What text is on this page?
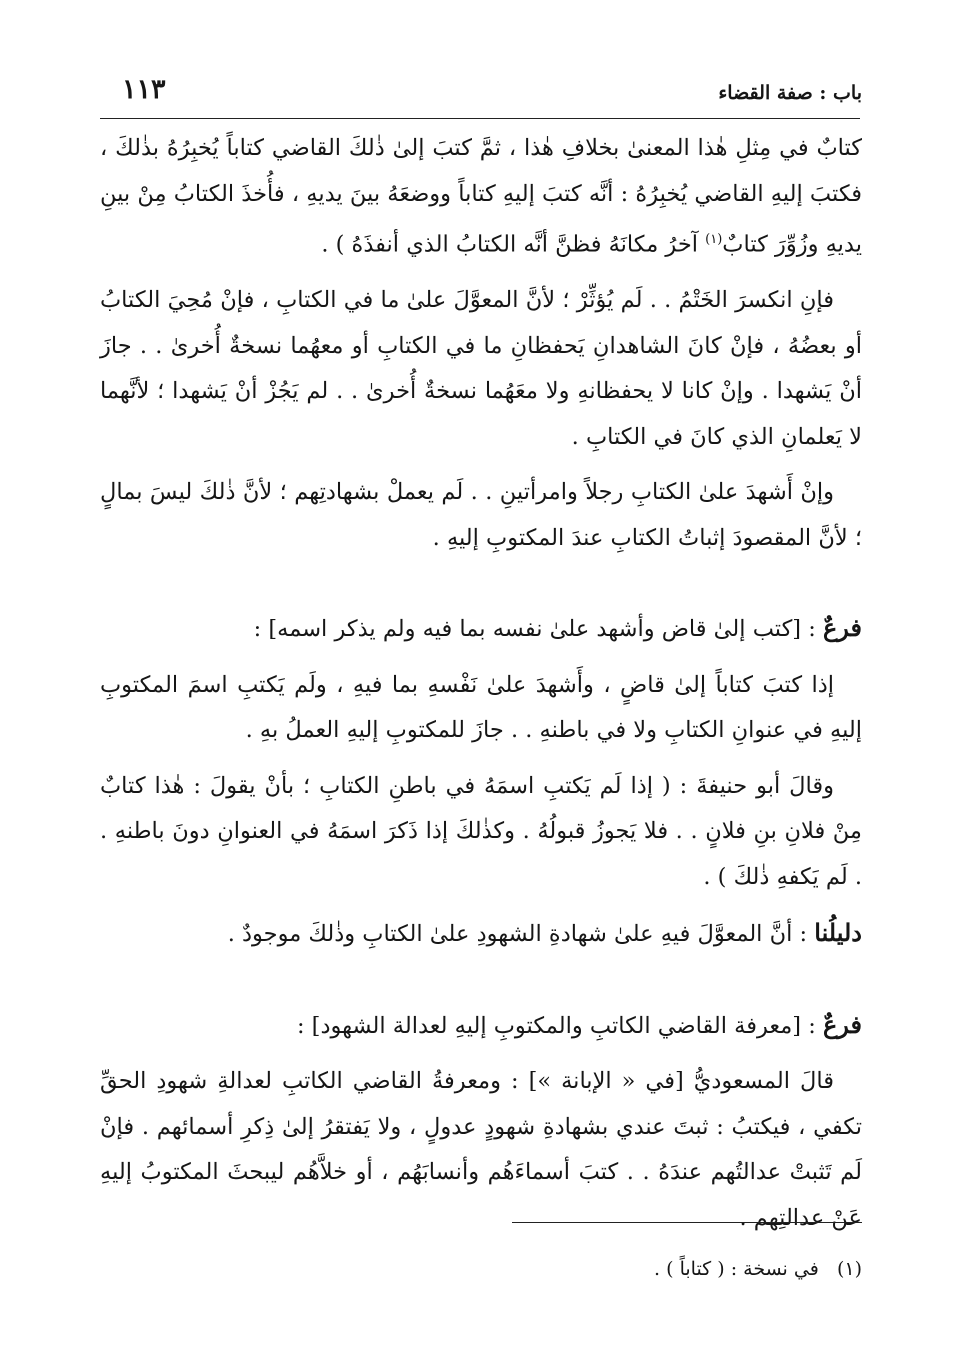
باب : صفة القضاء
١١٣

كتابٌ في مِثلِ هٰذا المعنىٰ بخلافِ هٰذا ، ثمَّ كتبَ إلىٰ ذٰلكَ القاضي كتاباً يُخبِرُهُ بذٰلكَ ، فكتبَ إليهِ القاضي يُخبِرُهُ : أنَّه كتبَ إليهِ كتاباً ووضعَهُ بينَ يديهِ ، فأُخذَ الكتابُ مِنْ بينِ يديهِ وزُوِّرَ كتابٌ$^{(١)}$ آخرُ مكانَهُ فظنَّ أنَّه الكتابُ الذي أنفذَهُ ) .

فإنِ انكسرَ الخَتْمُ . . لَم يُؤثِّرْ ؛ لأنَّ المعوَّلَ علىٰ ما في الكتابِ ، فإنْ مُحِيَ الكتابُ أو بعضُهُ ، فإنْ كانَ الشاهدانِ يَحفظانِ ما في الكتابِ أو معهُما نسخةٌ أُخرىٰ . . جازَ أنْ يَشهدا . وإنْ كانا لا يحفظانهِ ولا معَهُما نسخةٌ أُخرىٰ . . لم يَجُزْ أنْ يَشهدا ؛ لأنَّهما لا يَعلمانِ الذي كانَ في الكتابِ .

وإنْ أَشهدَ علىٰ الكتابِ رجلاً وامرأتينِ . . لَم يعملْ بشهادتِهم ؛ لأنَّ ذٰلكَ ليسَ بمالٍ ؛ لأنَّ المقصودَ إثباتُ الكتابِ عندَ المكتوبِ إليهِ .

فرعٌ : [كتب إلىٰ قاض وأشهد علىٰ نفسه بما فيه ولم يذكر اسمه] :

إذا كتبَ كتاباً إلىٰ قاضٍ ، وأَشهدَ علىٰ نَفْسهِ بما فيهِ ، ولَم يَكتبِ اسمَ المكتوبِ إليهِ في عنوانِ الكتابِ ولا في باطنهِ . . جازَ للمكتوبِ إليهِ العملُ بهِ .

وقالَ أبو حنيفةَ : ( إذا لَم يَكتبِ اسمَهُ في باطنِ الكتابِ ؛ بأنْ يقولَ : هٰذا كتابٌ مِنْ فلانِ بنِ فلانٍ . . فلا يَجوزُ قبولُهُ . وكذٰلكَ إذا ذَكرَ اسمَهُ في العنوانِ دونَ باطنهِ . . لَم يَكفهِ ذٰلكَ ) .

دليلُنا : أنَّ المعوَّلَ فيهِ علىٰ شهادةِ الشهودِ علىٰ الكتابِ وذٰلكَ موجودٌ .

فرعٌ : [معرفة القاضي الكاتبِ والمكتوبِ إليهِ لعدالة الشهود] :

قالَ المسعوديُّ [في « الإبانة »] : ومعرفةُ القاضي الكاتبِ لعدالةِ شهودِ الحقِّ تكفي ، فيكتبُ : ثبتَ عندي بشهادةِ شهودٍ عدولٍ ، ولا يَفتقرُ إلىٰ ذِكرِ أسمائهم . فإنْ لَم تَثبتْ عدالتُهم عندَهُ . . كتبَ أسماءَهُم وأنسابَهُم ، أو خلاَّهُم ليبحثَ المكتوبُ إليهِ عَنْ عدالتِهم .

(١)   في نسخة : ( كتاباً ) .
